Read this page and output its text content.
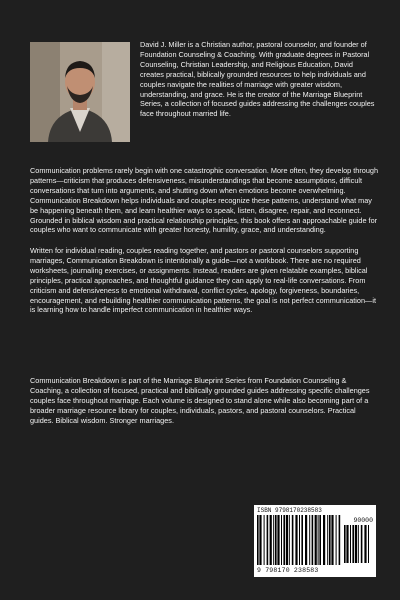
David J. Miller is a Christian author, pastoral counselor, and founder of Foundation Counseling & Coaching. With graduate degrees in Pastoral Counseling, Christian Leadership, and Religious Education, David creates practical, biblically grounded resources to help individuals and couples navigate the realities of marriage with greater wisdom, understanding, and grace. He is the creator of the Marriage Blueprint Series, a collection of focused guides addressing the challenges couples face throughout married life.

Communication problems rarely begin with one catastrophic conversation. More often, they develop through patterns—criticism that produces defensiveness, misunderstandings that become assumptions, difficult conversations that turn into arguments, and shutting down when emotions become overwhelming. Communication Breakdown helps individuals and couples recognize these patterns, understand what may be happening beneath them, and learn healthier ways to speak, listen, disagree, repair, and reconnect. Grounded in biblical wisdom and practical relationship principles, this book offers an approachable guide for couples who want to communicate with greater honesty, humility, grace, and understanding.

Written for individual reading, couples reading together, and pastors or pastoral counselors supporting marriages, Communication Breakdown is intentionally a guide—not a workbook. There are no required worksheets, journaling exercises, or assignments. Instead, readers are given relatable examples, biblical principles, practical approaches, and thoughtful guidance they can apply to real-life conversations. From criticism and defensiveness to emotional withdrawal, conflict cycles, apology, forgiveness, boundaries, encouragement, and rebuilding healthier communication patterns, the goal is not perfect communication—it is learning how to handle imperfect communication in healthier ways.

Communication Breakdown is part of the Marriage Blueprint Series from Foundation Counseling & Coaching, a collection of focused, practical and biblically grounded guides addressing specific challenges couples face throughout marriage. Each volume is designed to stand alone while also becoming part of a broader marriage resource library for couples, individuals, pastors, and pastoral counselors. Practical guides. Biblical wisdom. Stronger marriages.

ISBN 9798170238583
90000
9 798170 238583
